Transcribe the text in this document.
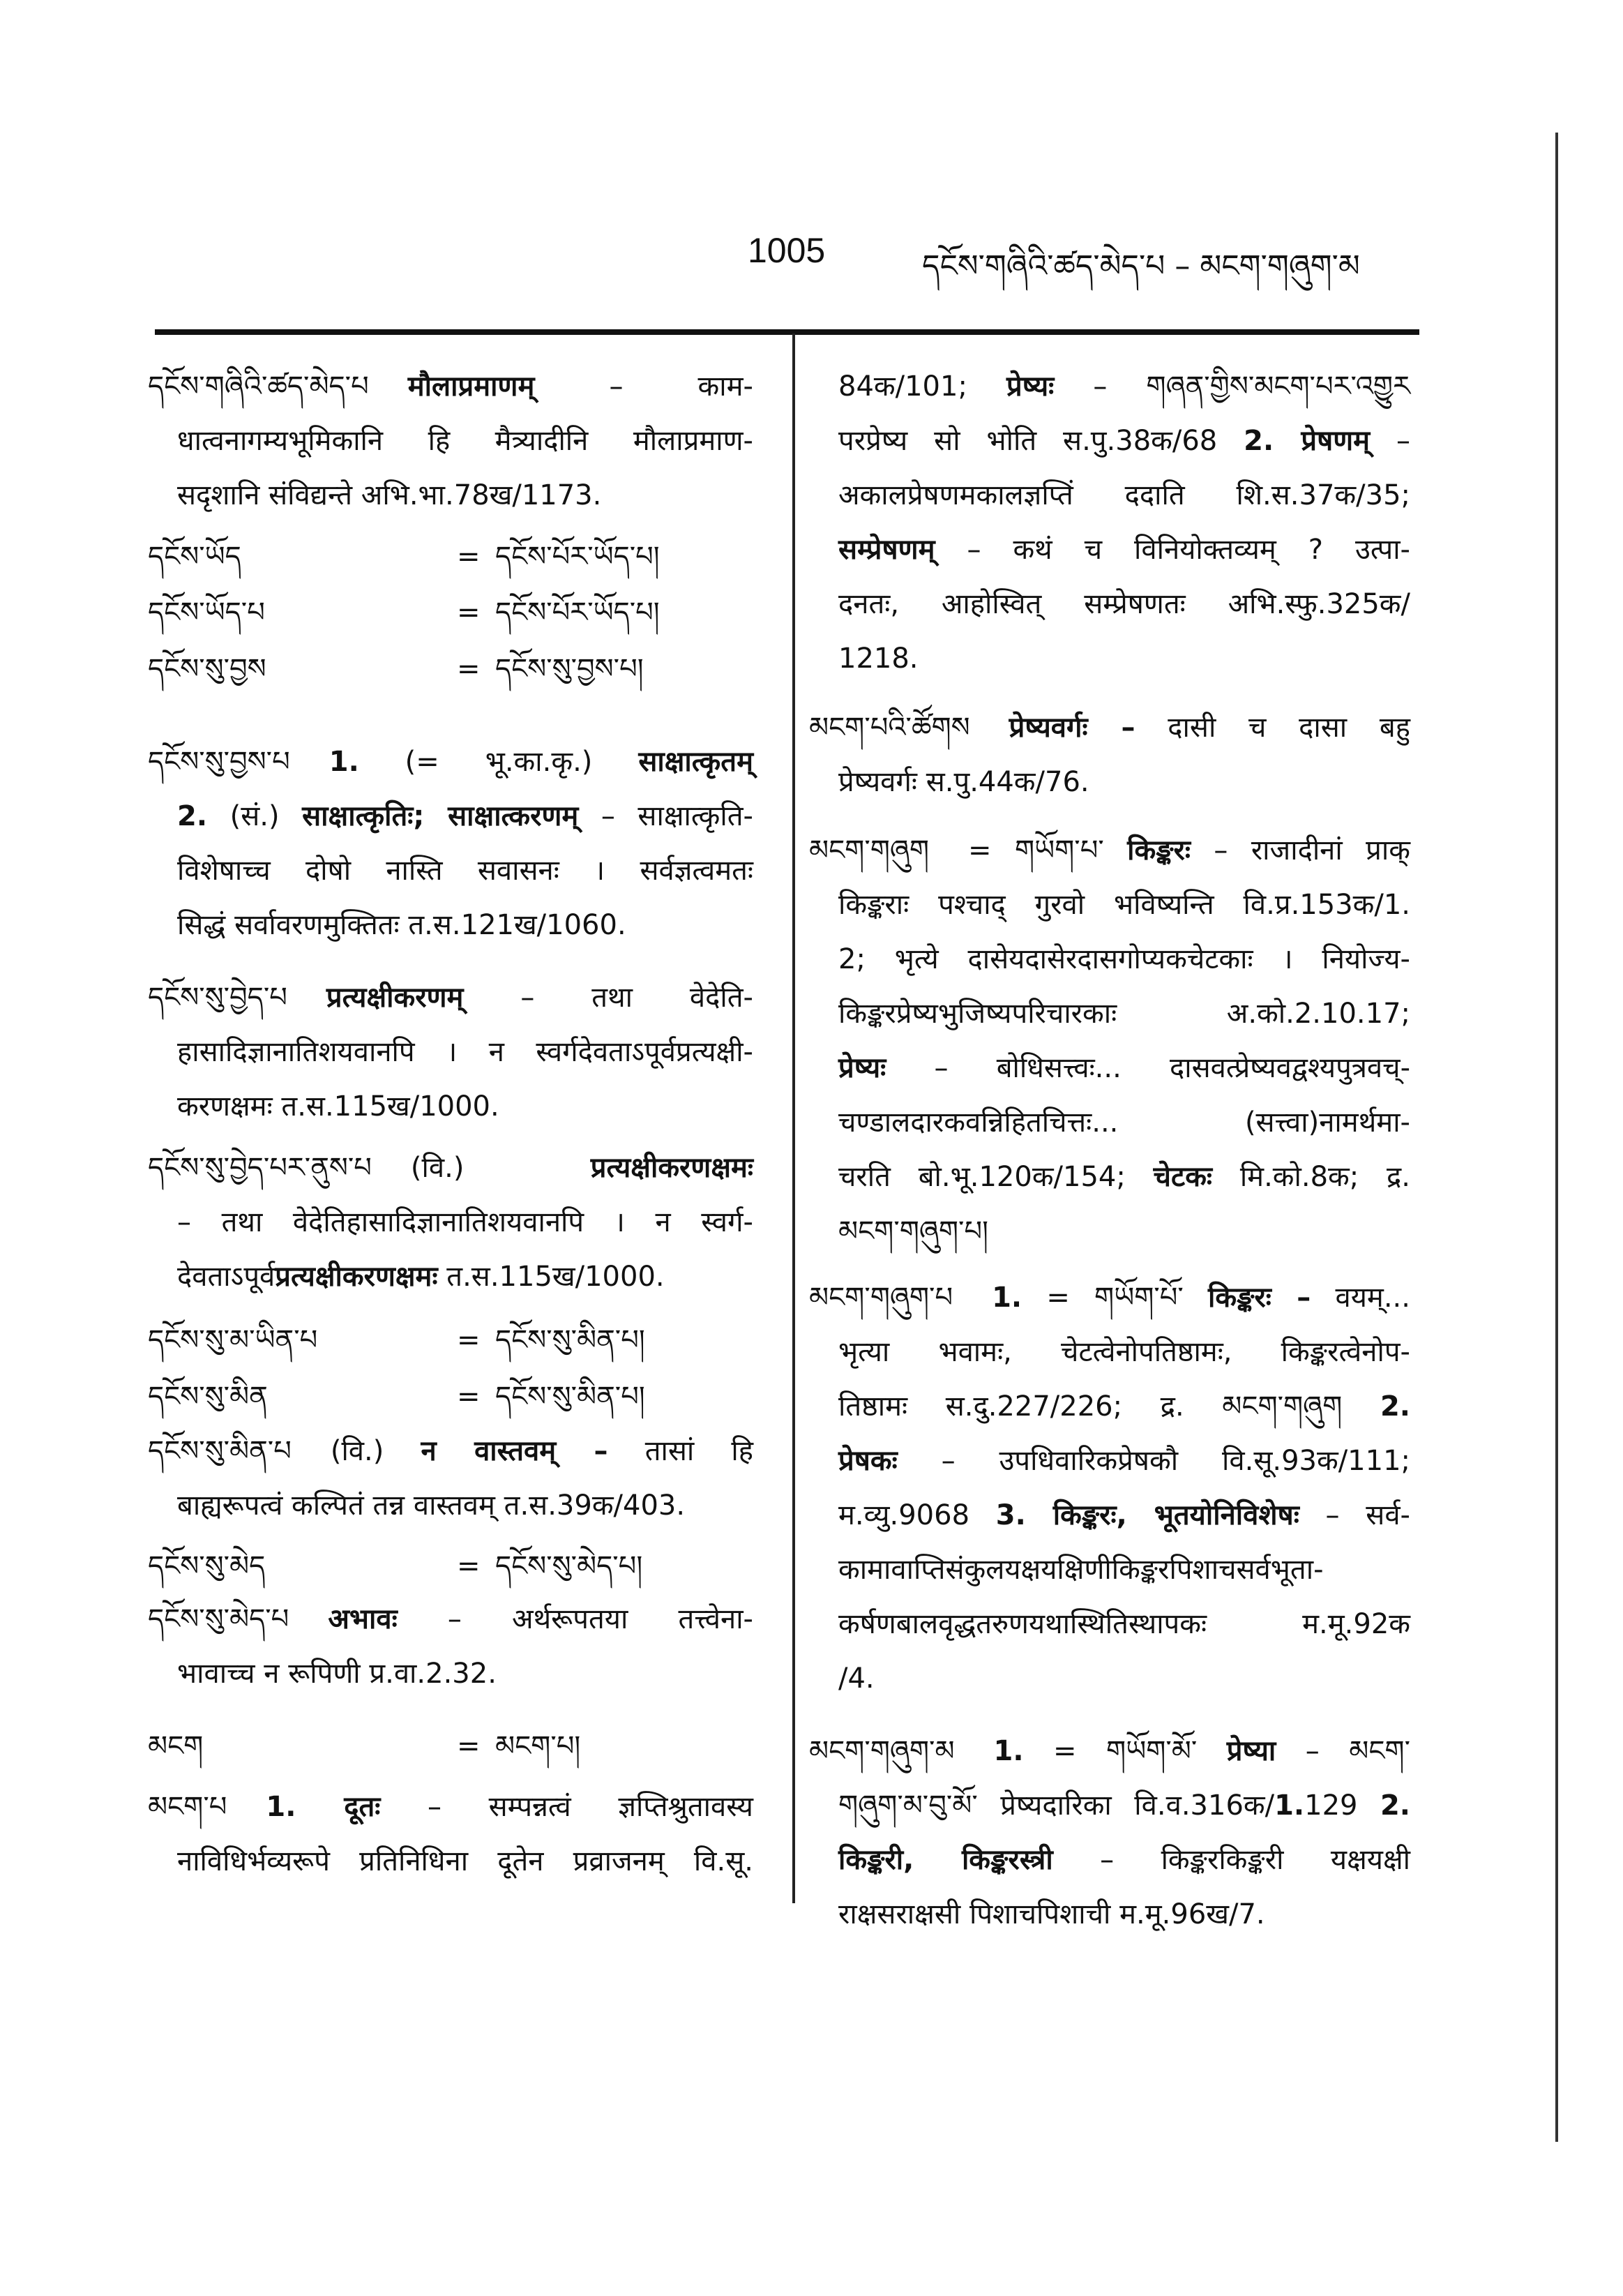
1005	དངོས་གཞིའི་ཚད་མེད་པ – མངག་གཞུག་མ
དངོས་གཞིའི་ཚད་མེད་པ मौलाप्रमाणम् – काम-
धात्वनागम्यभूमिकानि हि मैत्र्यादीनि मौलाप्रमाण-
सदृशानि संविद्यन्ते अभि.भा.78ख/1173.
དངོས་ཡོད	= དངོས་པོར་ཡོད་པ།
དངོས་ཡོད་པ	= དངོས་པོར་ཡོད་པ།
དངོས་སུ་བྱས	= དངོས་སུ་བྱས་པ།
དངོས་སུ་བྱས་པ 1. (= भू.का.कृ.) साक्षात्कृतम्
2. (सं.) साक्षात्कृतिः; साक्षात्करणम् – साक्षात्कृति-
विशेषाच्च दोषो नास्ति सवासनः । सर्वज्ञत्वमतः
सिद्धं सर्वावरणमुक्तितः त.स.121ख/1060.
དངོས་སུ་བྱེད་པ प्रत्यक्षीकरणम् – तथा वेदेति-
हासादिज्ञानातिशयवानपि । न स्वर्गदेवताऽपूर्वप्रत्यक्षी-
करणक्षमः त.स.115ख/1000.
དངོས་སུ་བྱེད་པར་ནུས་པ (वि.) प्रत्यक्षीकरणक्षमः
– तथा वेदेतिहासादिज्ञानातिशयवानपि । न स्वर्ग-
देवताऽपूर्वप्रत्यक्षीकरणक्षमः त.स.115ख/1000.
དངོས་སུ་མ་ཡིན་པ	= དངོས་སུ་མིན་པ།
དངོས་སུ་མིན	= དངོས་སུ་མིན་པ།
དངོས་སུ་མིན་པ (वि.) न वास्तवम् – तासां हि
बाह्यरूपत्वं कल्पितं तन्न वास्तवम् त.स.39क/403.
དངོས་སུ་མེད	= དངོས་སུ་མེད་པ།
དངོས་སུ་མེད་པ अभावः – अर्थरूपतया तत्त्वेना-
भावाच्च न रूपिणी प्र.वा.2.32.
མངག	= མངག་པ།
མངག་པ 1. दूतः – सम्पन्नत्वं ज्ञप्तिश्रुतावस्य
नाविधिर्भव्यरूपे प्रतिनिधिना दूतेन प्रव्राजनम् वि.सू.
84क/101; प्रेष्यः – གཞན་གྱིས་མངག་པར་འགྱུར
परप्रेष्य सो भोति स.पु.38क/68 2. प्रेषणम् –
अकालप्रेषणमकालज्ञप्तिं ददाति शि.स.37क/35;
सम्प्रेषणम् – कथं च विनियोक्तव्यम् ? उत्पा-
दनतः, आहोस्वित् सम्प्रेषणतः अभि.स्फु.325क/
1218.
མངག་པའི་ཚོགས प्रेष्यवर्गः – दासी च दासा बहु
प्रेष्यवर्गः स.पु.44क/76.
མངག་གཞུག = གཡོག་པ་ किङ्करः – राजादीनां प्राक्
किङ्कराः पश्चाद् गुरवो भविष्यन्ति वि.प्र.153क/1.
2; भृत्ये दासेयदासेरदासगोप्यकचेटकाः । नियोज्य-
किङ्करप्रेष्यभुजिष्यपरिचारकाः अ.को.2.10.17;
प्रेष्यः – बोधिसत्त्वः... दासवत्प्रेष्यवद्वश्यपुत्रवच्-
चण्डालदारकवन्निहितचित्तः... (सत्त्वा)नामर्थमा-
चरति बो.भू.120क/154; चेटकः मि.को.8क; द्र.
མངག་གཞུག་པ།
མངག་གཞུག་པ 1. = གཡོག་པོ་ किङ्करः – वयम्...
भृत्या भवामः, चेटत्वेनोपतिष्ठामः, किङ्करत्वेनोप-
तिष्ठामः स.दु.227/226; द्र. མངག་གཞུག 2.
प्रेषकः – उपधिवारिकप्रेषकौ वि.सू.93क/111;
म.व्यु.9068 3. किङ्करः, भूतयोनिविशेषः – सर्व-
कामावाप्तिसंकुलयक्षयक्षिणीकिङ्करपिशाचसर्वभूता-
कर्षणबालवृद्धतरुणयथास्थितिस्थापकः म.मू.92क
/4.
མངག་གཞུག་མ 1. = གཡོག་མོ་ प्रेष्या – མངག་
གཞུག་མ་བུ་མོ་ प्रेष्यदारिका वि.व.316क/1.129 2.
किङ्करी, किङ्करस्त्री – किङ्करकिङ्करी यक्षयक्षी
राक्षसराक्षसी पिशाचपिशाची म.मू.96ख/7.
